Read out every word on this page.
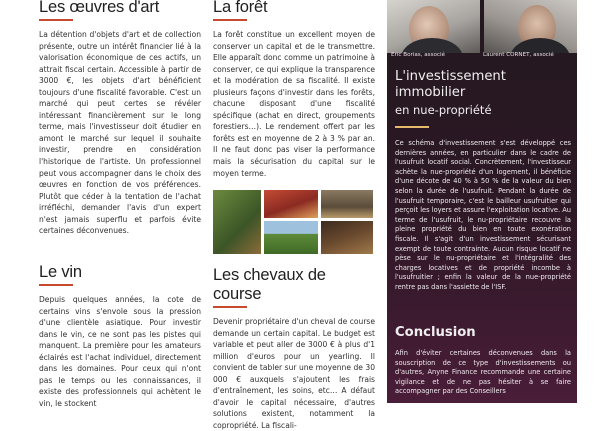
Les œuvres d'art

La détention d'objets d'art et de collection présente, outre un intérêt financier lié à la valorisation économique de ces actifs, un attrait fiscal certain. Accessible à partir de 3000 €, les objets d'art bénéficient toujours d'une fiscalité favorable. C'est un marché qui peut certes se révéler intéressant financièrement sur le long terme, mais l'investisseur doit étudier en amont le marché sur lequel il souhaite investir, prendre en considération l'historique de l'artiste. Un professionnel peut vous accompagner dans le choix des œuvres en fonction de vos préférences. Plutôt que céder à la tentation de l'achat irréfléchi, demander l'avis d'un expert n'est jamais superflu et parfois évite certaines déconvenues.

Le vin

Depuis quelques années, la cote de certains vins s'envole sous la pression d'une clientèle asiatique. Pour investir dans le vin, ce ne sont pas les pistes qui manquent. La première pour les amateurs éclairés est l'achat individuel, directement dans les domaines. Pour ceux qui n'ont pas le temps ou les connaissances, il existe des professionnels qui achètent le vin, le stockent

La forêt

La forêt constitue un excellent moyen de conserver un capital et de le transmettre. Elle apparaît donc comme un patrimoine à conserver, ce qui explique la transparence et la modération de sa fiscalité. Il existe plusieurs façons d'investir dans les forêts, chacune disposant d'une fiscalité spécifique (achat en direct, groupements forestiers…). Le rendement offert par les forêts est en moyenne de 2 à 3 % par an. Il ne faut donc pas viser la performance mais la sécurisation du capital sur le moyen terme.

Les chevaux de course

Devenir propriétaire d'un cheval de course demande un certain capital. Le budget est variable et peut aller de 3000 € à plus d'1 million d'euros pour un yearling. Il convient de tabler sur une moyenne de 30 000 € auxquels s'ajoutent les frais d'entraînement, les soins, etc… A défaut d'avoir le capital nécessaire, d'autres solutions existent, notamment la copropriété. La fiscali-

Eric Borias, associé	Laurent CORNET, associé
L'investissement immobilier
en nue-propriété

Ce schéma d'investissement s'est développé ces dernières années, en particulier dans le cadre de l'usufruit locatif social. Concrètement, l'investisseur achète la nue-propriété d'un logement, il bénéficie d'une décote de 40 % à 50 % de la valeur du bien selon la durée de l'usufruit. Pendant la durée de l'usufruit temporaire, c'est le bailleur usufruitier qui perçoit les loyers et assure l'exploitation locative. Au terme de l'usufruit, le nu-propriétaire recouvre la pleine propriété du bien en toute exonération fiscale. Il s'agit d'un investissement sécurisant exempt de toute contrainte. Aucun risque locatif ne pèse sur le nu-propriétaire et l'intégralité des charges locatives et de propriété incombe à l'usufruitier ; enfin la valeur de la nue-propriété rentre pas dans l'assiette de l'ISF.

Conclusion

Afin d'éviter certaines déconvenues dans la souscription de ce type d'investissements ou d'autres, Anyne Finance recommande une certaine vigilance et de ne pas hésiter à se faire accompagner par des Conseillers
